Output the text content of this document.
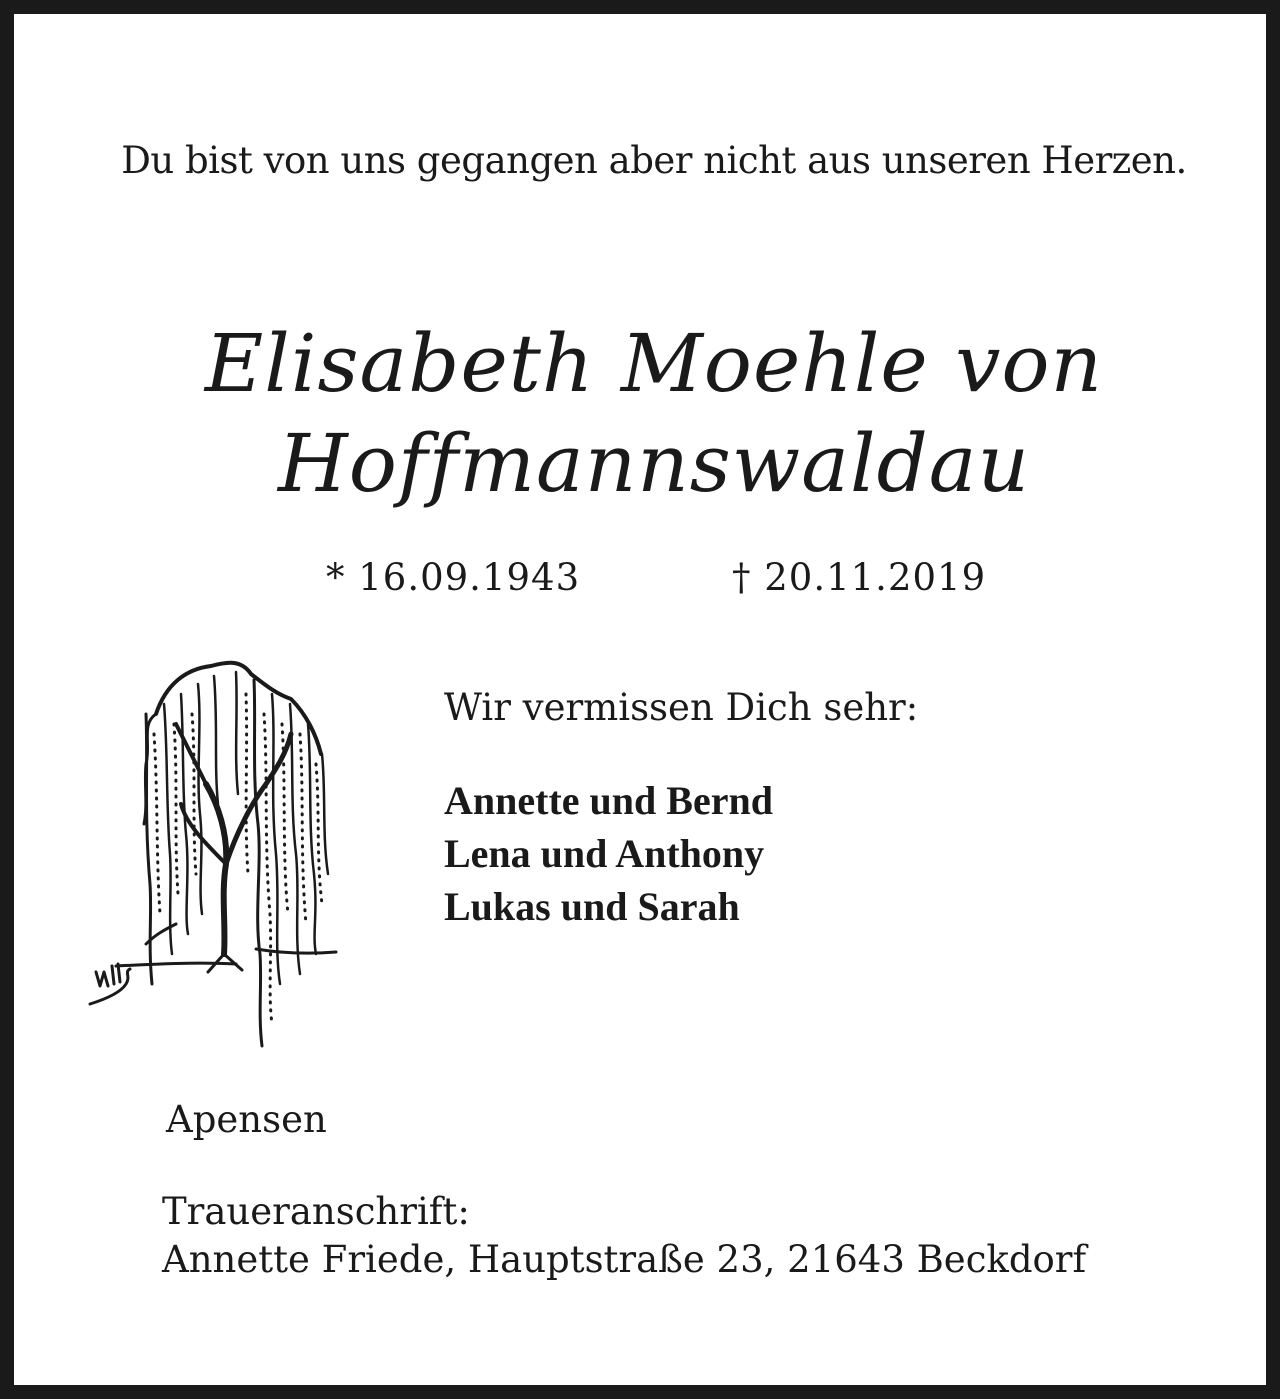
Du bist von uns gegangen aber nicht aus unseren Herzen.
Elisabeth Moehle von
Hoffmannswaldau
* 16.09.1943	† 20.11.2019
Wir vermissen Dich sehr:
Annette und Bernd
Lena und Anthony
Lukas und Sarah
Apensen
Traueranschrift:
Annette Friede, Hauptstraße 23, 21643 Beckdorf
